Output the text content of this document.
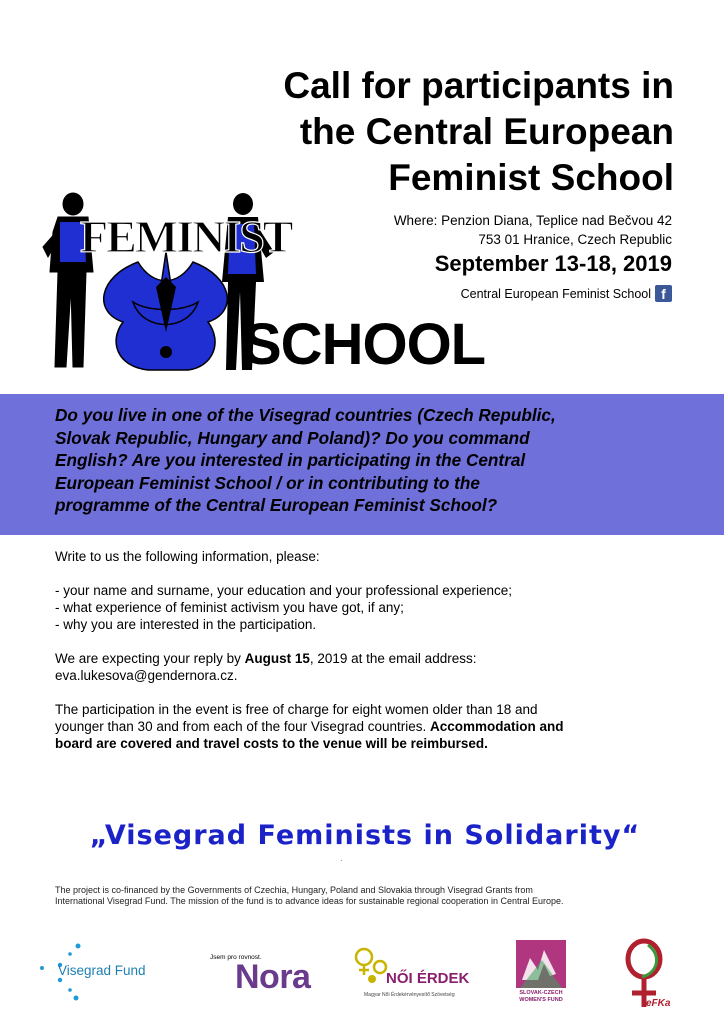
Call for participants in
the Central European
Feminist School
FEMINIST
SCHOOL
Where: Penzion Diana, Teplice nad Bečvou 42
753 01 Hranice, Czech Republic
September 13-18, 2019
Central European Feminist School f
Do you live in one of the Visegrad countries (Czech Republic,
Slovak Republic, Hungary and Poland)? Do you command
English? Are you interested in participating in the Central
European Feminist School / or in contributing to the
programme of the Central European Feminist School?

Write to us the following information, please:

- your name and surname, your education and your professional experience;

- what experience of feminist activism you have got, if any;

- why you are interested in the participation.

We are expecting your reply by August 15, 2019 at the email address:

eva.lukesova@gendernora.cz.

The participation in the event is free of charge for eight women older than 18 and

younger than 30 and from each of the four Visegrad countries. Accommodation and

board are covered and travel costs to the venue will be reimbursed.

„Visegrad Feminists in Solidarity“
·
The project is co-financed by the Governments of Czechia, Hungary, Poland and Slovakia through Visegrad Grants from
International Visegrad Fund. The mission of the fund is to advance ideas for sustainable regional cooperation in Central Europe.
Visegrad Fund
Jsem pro rovnost.
Nora	NŐI ÉRDEK
Magyar Női Érdekérvényesítő Szövetség	SLOVAK-CZECH
WOMEN'S FUND	eFKa
